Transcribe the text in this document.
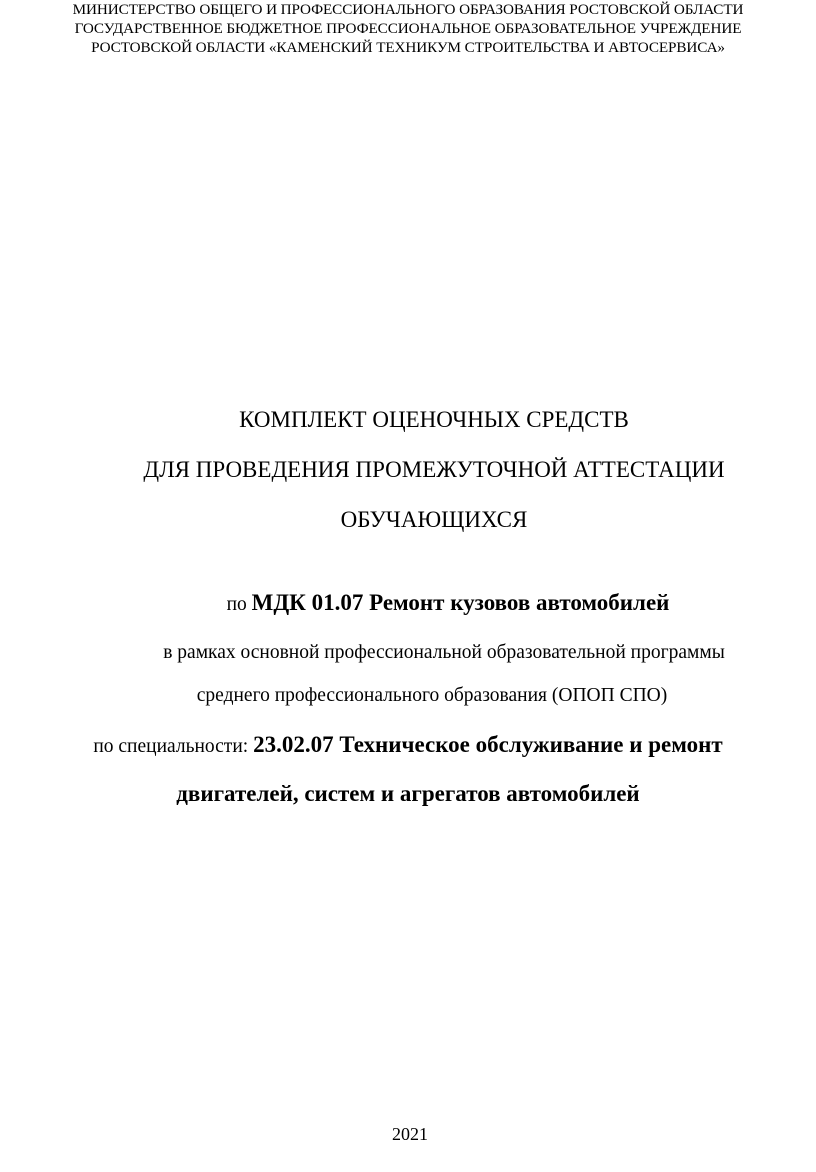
МИНИСТЕРСТВО ОБЩЕГО И ПРОФЕССИОНАЛЬНОГО ОБРАЗОВАНИЯ РОСТОВСКОЙ ОБЛАСТИ
ГОСУДАРСТВЕННОЕ БЮДЖЕТНОЕ ПРОФЕССИОНАЛЬНОЕ ОБРАЗОВАТЕЛЬНОЕ УЧРЕЖДЕНИЕ
РОСТОВСКОЙ ОБЛАСТИ «КАМЕНСКИЙ ТЕХНИКУМ СТРОИТЕЛЬСТВА И АВТОСЕРВИСА»
КОМПЛЕКТ ОЦЕНОЧНЫХ СРЕДСТВ
ДЛЯ ПРОВЕДЕНИЯ ПРОМЕЖУТОЧНОЙ АТТЕСТАЦИИ
ОБУЧАЮЩИХСЯ
по МДК 01.07 Ремонт кузовов автомобилей
в рамках основной профессиональной образовательной программы
среднего профессионального образования (ОПОП СПО)
по специальности: 23.02.07 Техническое обслуживание и ремонт
двигателей, систем и агрегатов автомобилей
2021
